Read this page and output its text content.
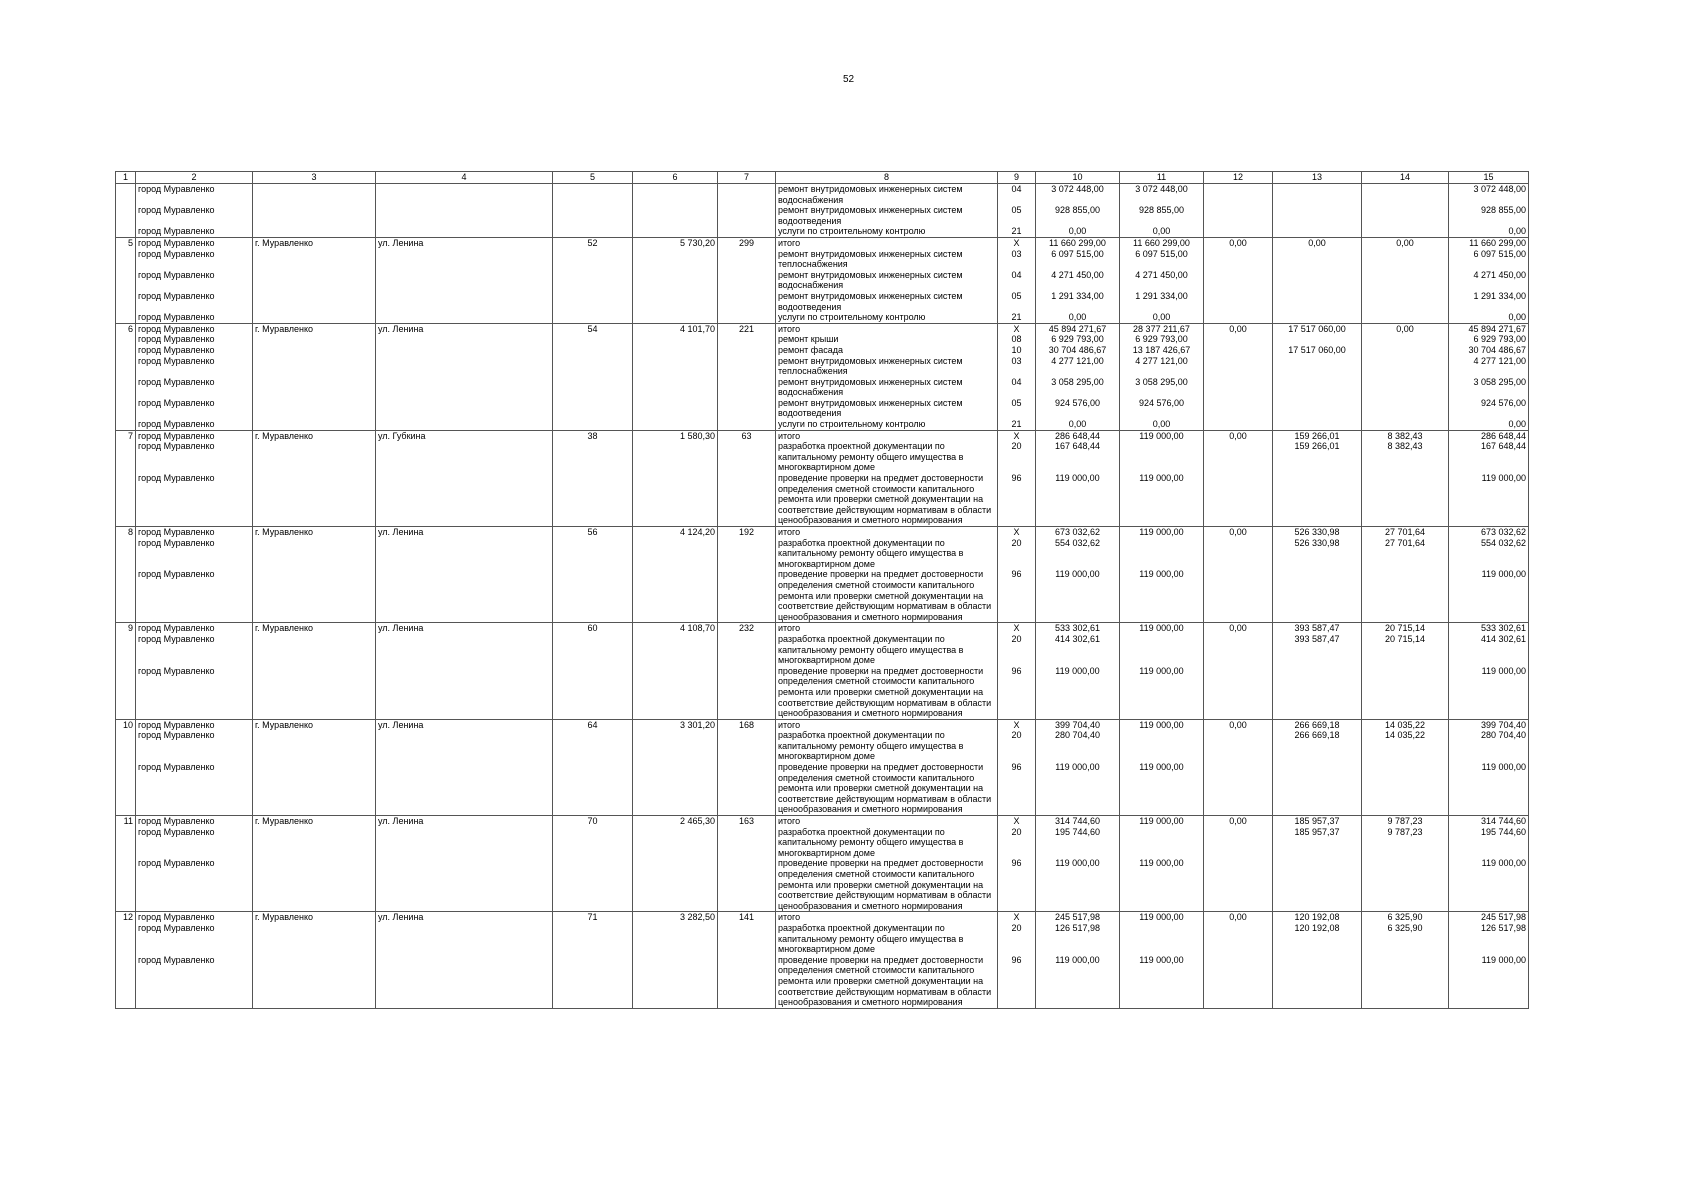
52
1	2	3	4	5	6	7	8	9	10	11	12	13	14	15
	город Муравленко						ремонт внутридомовых инженерных систем водоснабжения	04	3 072 448,00	3 072 448,00				3 072 448,00
	город Муравленко						ремонт внутридомовых инженерных систем водоотведения	05	928 855,00	928 855,00				928 855,00
	город Муравленко						услуги по строительному контролю	21	0,00	0,00				0,00
5	город Муравленко	г. Муравленко	ул. Ленина	52	5 730,20	299	итого	X	11 660 299,00	11 660 299,00	0,00	0,00	0,00	11 660 299,00
	город Муравленко						ремонт внутридомовых инженерных систем теплоснабжения	03	6 097 515,00	6 097 515,00				6 097 515,00
	город Муравленко						ремонт внутридомовых инженерных систем водоснабжения	04	4 271 450,00	4 271 450,00				4 271 450,00
	город Муравленко						ремонт внутридомовых инженерных систем водоотведения	05	1 291 334,00	1 291 334,00				1 291 334,00
	город Муравленко						услуги по строительному контролю	21	0,00	0,00				0,00
6	город Муравленко	г. Муравленко	ул. Ленина	54	4 101,70	221	итого	X	45 894 271,67	28 377 211,67	0,00	17 517 060,00	0,00	45 894 271,67
	город Муравленко						ремонт крыши	08	6 929 793,00	6 929 793,00				6 929 793,00
	город Муравленко						ремонт фасада	10	30 704 486,67	13 187 426,67		17 517 060,00		30 704 486,67
	город Муравленко						ремонт внутридомовых инженерных систем теплоснабжения	03	4 277 121,00	4 277 121,00				4 277 121,00
	город Муравленко						ремонт внутридомовых инженерных систем водоснабжения	04	3 058 295,00	3 058 295,00				3 058 295,00
	город Муравленко						ремонт внутридомовых инженерных систем водоотведения	05	924 576,00	924 576,00				924 576,00
	город Муравленко						услуги по строительному контролю	21	0,00	0,00				0,00
7	город Муравленко	г. Муравленко	ул. Губкина	38	1 580,30	63	итого	X	286 648,44	119 000,00	0,00	159 266,01	8 382,43	286 648,44
	город Муравленко						разработка проектной документации по капитальному ремонту общего имущества в многоквартирном доме	20	167 648,44			159 266,01	8 382,43	167 648,44
	город Муравленко						проведение проверки на предмет достоверности определения сметной стоимости капитального ремонта или проверки сметной документации на соответствие действующим нормативам в области ценообразования и сметного нормирования	96	119 000,00	119 000,00				119 000,00
8	город Муравленко	г. Муравленко	ул. Ленина	56	4 124,20	192	итого	X	673 032,62	119 000,00	0,00	526 330,98	27 701,64	673 032,62
	город Муравленко						разработка проектной документации по капитальному ремонту общего имущества в многоквартирном доме	20	554 032,62			526 330,98	27 701,64	554 032,62
	город Муравленко						проведение проверки на предмет достоверности определения сметной стоимости капитального ремонта или проверки сметной документации на соответствие действующим нормативам в области ценообразования и сметного нормирования	96	119 000,00	119 000,00				119 000,00
9	город Муравленко	г. Муравленко	ул. Ленина	60	4 108,70	232	итого	X	533 302,61	119 000,00	0,00	393 587,47	20 715,14	533 302,61
	город Муравленко						разработка проектной документации по капитальному ремонту общего имущества в многоквартирном доме	20	414 302,61			393 587,47	20 715,14	414 302,61
	город Муравленко						проведение проверки на предмет достоверности определения сметной стоимости капитального ремонта или проверки сметной документации на соответствие действующим нормативам в области ценообразования и сметного нормирования	96	119 000,00	119 000,00				119 000,00
10	город Муравленко	г. Муравленко	ул. Ленина	64	3 301,20	168	итого	X	399 704,40	119 000,00	0,00	266 669,18	14 035,22	399 704,40
	город Муравленко						разработка проектной документации по капитальному ремонту общего имущества в многоквартирном доме	20	280 704,40			266 669,18	14 035,22	280 704,40
	город Муравленко						проведение проверки на предмет достоверности определения сметной стоимости капитального ремонта или проверки сметной документации на соответствие действующим нормативам в области ценообразования и сметного нормирования	96	119 000,00	119 000,00				119 000,00
11	город Муравленко	г. Муравленко	ул. Ленина	70	2 465,30	163	итого	X	314 744,60	119 000,00	0,00	185 957,37	9 787,23	314 744,60
	город Муравленко						разработка проектной документации по капитальному ремонту общего имущества в многоквартирном доме	20	195 744,60			185 957,37	9 787,23	195 744,60
	город Муравленко						проведение проверки на предмет достоверности определения сметной стоимости капитального ремонта или проверки сметной документации на соответствие действующим нормативам в области ценообразования и сметного нормирования	96	119 000,00	119 000,00				119 000,00
12	город Муравленко	г. Муравленко	ул. Ленина	71	3 282,50	141	итого	X	245 517,98	119 000,00	0,00	120 192,08	6 325,90	245 517,98
	город Муравленко						разработка проектной документации по капитальному ремонту общего имущества в многоквартирном доме	20	126 517,98			120 192,08	6 325,90	126 517,98
	город Муравленко						проведение проверки на предмет достоверности определения сметной стоимости капитального ремонта или проверки сметной документации на соответствие действующим нормативам в области ценообразования и сметного нормирования	96	119 000,00	119 000,00				119 000,00
